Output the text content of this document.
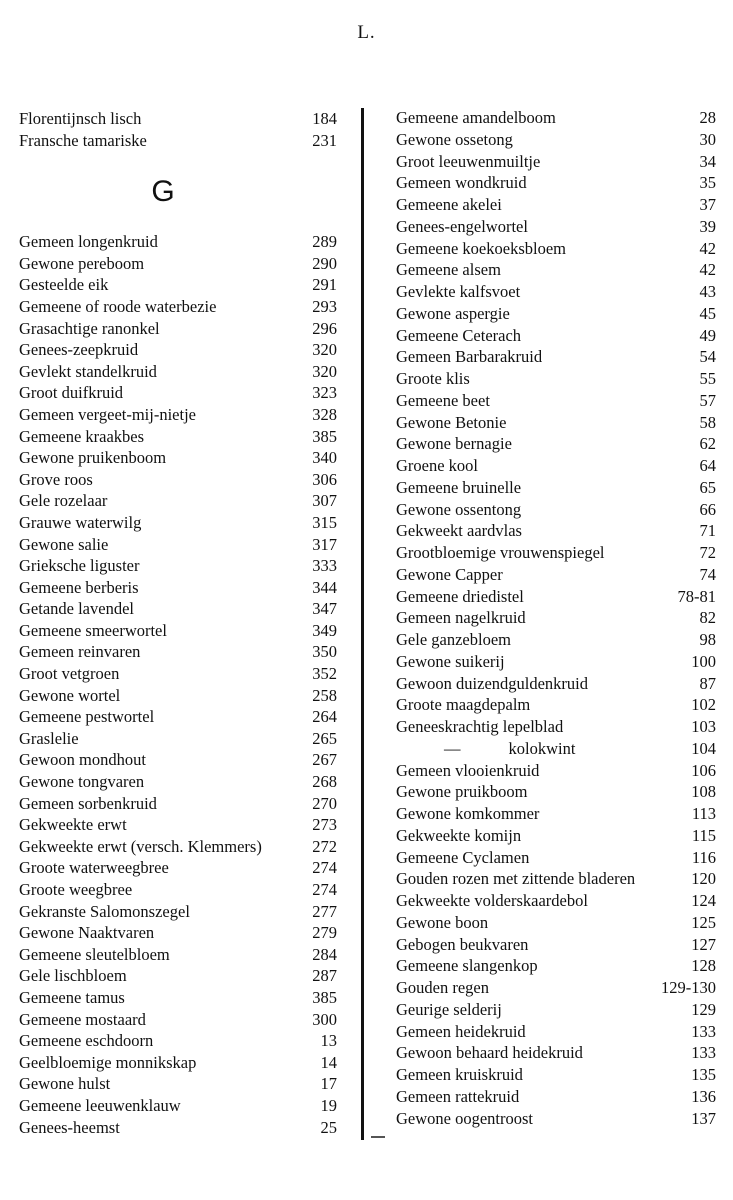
L.
Florentijnsch lisch	184
Fransche tamariske	231
G
Gemeen longenkruid	289
Gewone pereboom	290
Gesteelde eik	291
Gemeene of roode waterbezie	293
Grasachtige ranonkel	296
Genees-zeepkruid	320
Gevlekt standelkruid	320
Groot duifkruid	323
Gemeen vergeet-mij-nietje	328
Gemeene kraakbes	385
Gewone pruikenboom	340
Grove roos	306
Gele rozelaar	307
Grauwe waterwilg	315
Gewone salie	317
Grieksche liguster	333
Gemeene berberis	344
Getande lavendel	347
Gemeene smeerwortel	349
Gemeen reinvaren	350
Groot vetgroen	352
Gewone wortel	258
Gemeene pestwortel	264
Graslelie	265
Gewoon mondhout	267
Gewone tongvaren	268
Gemeen sorbenkruid	270
Gekweekte erwt	273
Gekweekte erwt (versch. Klemmers)	272
Groote waterweegbree	274
Groote weegbree	274
Gekranste Salomonszegel	277
Gewone Naaktvaren	279
Gemeene sleutelbloem	284
Gele lischbloem	287
Gemeene tamus	385
Gemeene mostaard	300
Gemeene eschdoorn	13
Geelbloemige monnikskap	14
Gewone hulst	17
Gemeene leeuwenklauw	19
Genees-heemst	25
Gemeene amandelboom	28
Gewone ossetong	30
Groot leeuwenmuiltje	34
Gemeen wondkruid	35
Gemeene akelei	37
Genees-engelwortel	39
Gemeene koekoeksbloem	42
Gemeene alsem	42
Gevlekte kalfsvoet	43
Gewone aspergie	45
Gemeene Ceterach	49
Gemeen Barbarakruid	54
Groote klis	55
Gemeene beet	57
Gewone Betonie	58
Gewone bernagie	62
Groene kool	64
Gemeene bruinelle	65
Gewone ossentong	66
Gekweekt aardvlas	71
Grootbloemige vrouwenspiegel	72
Gewone Capper	74
Gemeene driedistel	78-81
Gemeen nagelkruid	82
Gele ganzebloem	98
Gewone suikerij	100
Gewoon duizendguldenkruid	87
Groote maagdepalm	102
Geneeskrachtig lepelblad	103
—	kolokwint	104
Gemeen vlooienkruid	106
Gewone pruikboom	108
Gewone komkommer	113
Gekweekte komijn	115
Gemeene Cyclamen	116
Gouden rozen met zittende bladeren	120
Gekweekte volderskaardebol	124
Gewone boon	125
Gebogen beukvaren	127
Gemeene slangenkop	128
Gouden regen	129-130
Geurige selderij	129
Gemeen heidekruid	133
Gewoon behaard heidekruid	133
Gemeen kruiskruid	135
Gemeen rattekruid	136
Gewone oogentroost	137
